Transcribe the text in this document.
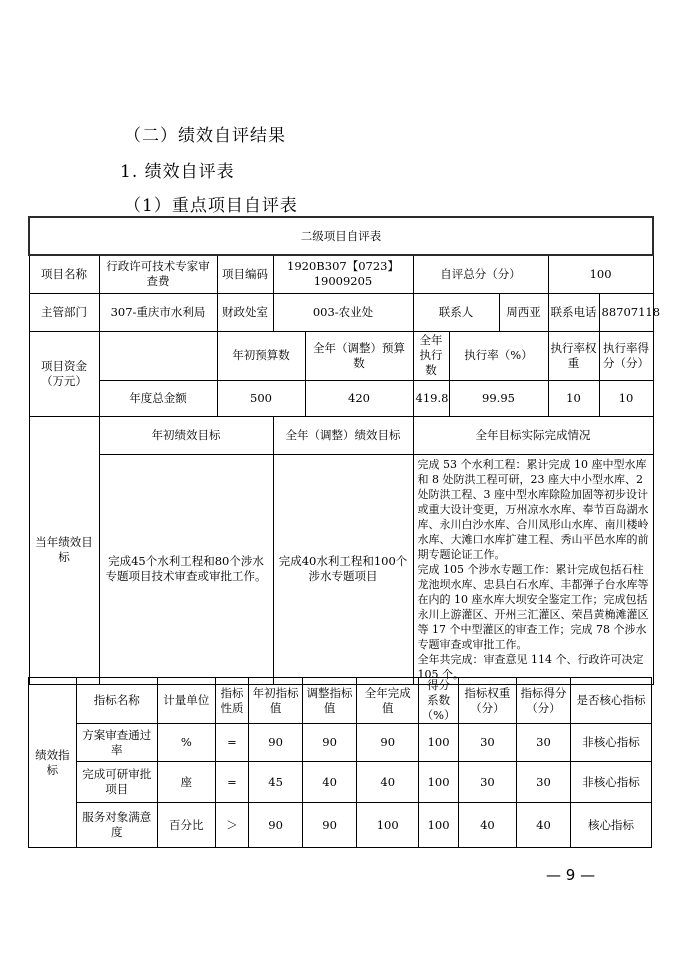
（二）绩效自评结果
1. 绩效自评表
（1）重点项目自评表
二级项目自评表									
项目名称	行政许可技术专家审查费	项目编码	1920B307【0723】19009205		自评总分（分）			100	
主管部门	307-重庆市水利局	财政处室	003-农业处		联系人		周西亚	联系电话	88707118
项目资金（万元）		年初预算数		全年（调整）预算数	全年执行数	执行率（%）		执行率权重	执行率得分（分）
	年度总金额	500		420	419.8	99.95		10	10
当年绩效目标	年初绩效目标		全年（调整）绩效目标		全年目标实际完成情况				
	完成45个水利工程和80个涉水专题项目技术审查或审批工作。		完成40水利工程和100个涉水专题项目		完成 53 个水利工程：累计完成 10 座中型水库和 8 处防洪工程可研，23 座大中小型水库、2 处防洪工程、3 座中型水库除险加固等初步设计或重大设计变更，万州凉水水库、奉节百岛湖水库、永川白沙水库、合川凤形山水库、南川楼岭水库、大滩口水库扩建工程、秀山平邑水库的前期专题论证工作。
完成 105 个涉水专题工作：累计完成包括石柱龙池坝水库、忠县白石水库、丰都弹子台水库等在内的 10 座水库大坝安全鉴定工作；完成包括永川上游灌区、开州三汇灌区、荣昌黄桷滩灌区等 17 个中型灌区的审查工作；完成 78 个涉水专题审查或审批工作。
全年共完成：审查意见 114 个、行政许可决定 105 个。				
绩效指标	指标名称	计量单位	指标性质	年初指标值	调整指标值	全年完成值	得分系数（%）	指标权重（分）	指标得分（分）	是否核心指标
	方案审查通过率	%	=	90	90	90	100	30	30	非核心指标
	完成可研审批项目	座	=	45	40	40	100	30	30	非核心指标
	服务对象满意度	百分比	＞	90	90	100	100	40	40	核心指标
— 9 —
